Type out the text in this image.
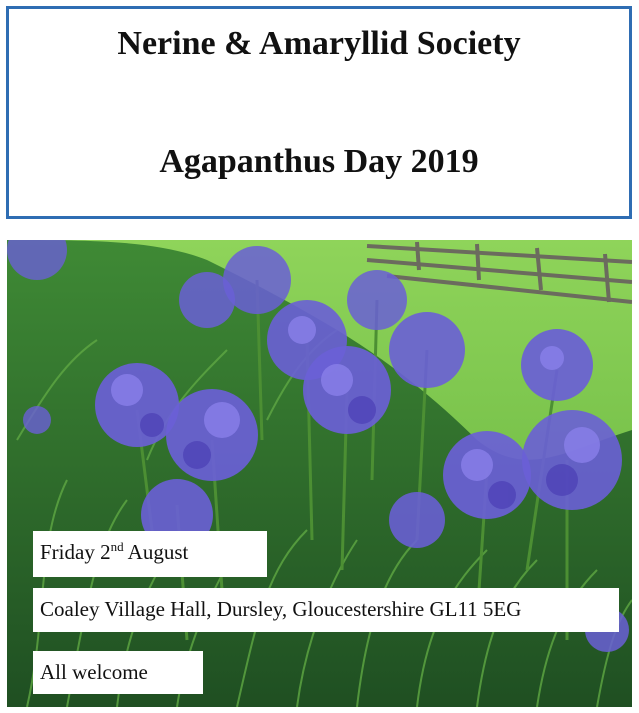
Nerine & Amaryllid Society
Agapanthus Day 2019
Friday 2nd August
Coaley Village Hall, Dursley, Gloucestershire GL11 5EG
All welcome
